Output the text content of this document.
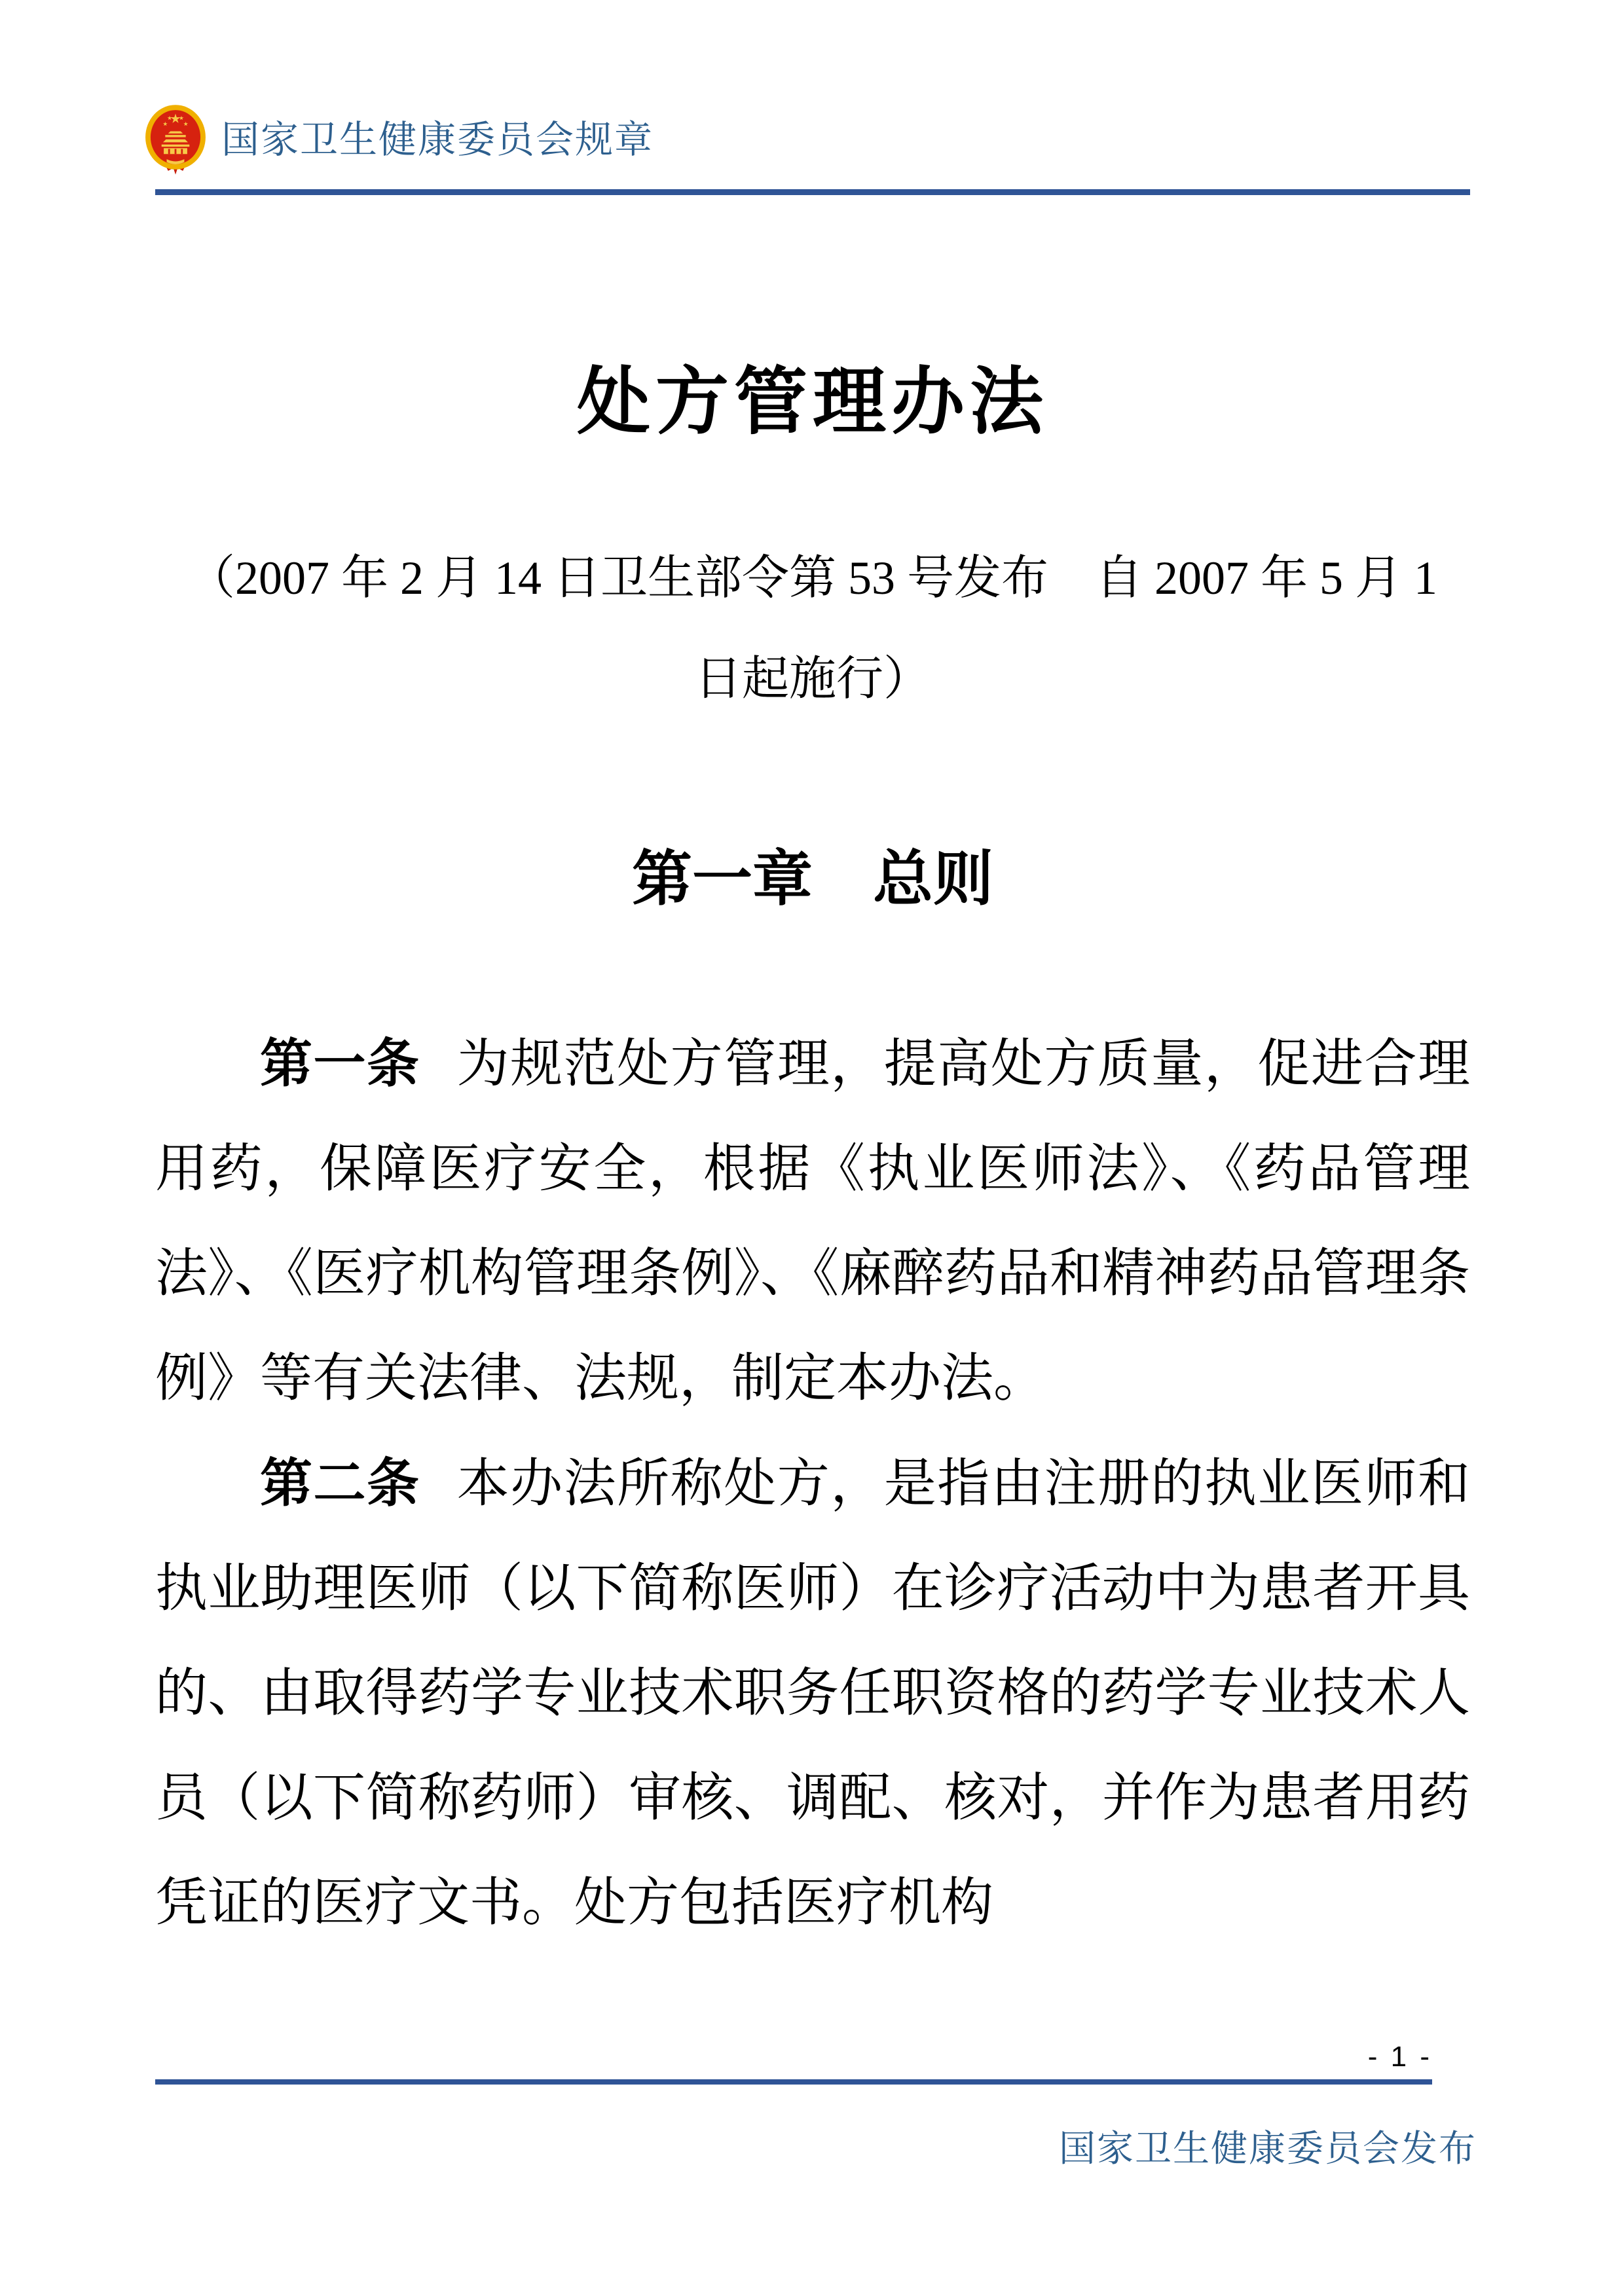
国家卫生健康委员会规章
处方管理办法
（2007 年 2 月 14 日卫生部令第 53 号发布　自 2007 年 5 月 1
日起施行）
第一章　总则

第一条 为规范处方管理，提高处方质量，促进合理用药，保障医疗安全，根据《执业医师法》、《药品管理法》、《医疗机构管理条例》、《麻醉药品和精神药品管理条例》等有关法律、法规，制定本办法。

第二条 本办法所称处方，是指由注册的执业医师和执业助理医师（以下简称医师）在诊疗活动中为患者开具的、由取得药学专业技术职务任职资格的药学专业技术人员（以下简称药师）审核、调配、核对，并作为患者用药凭证的医疗文书。处方包括医疗机构

- 1 -
国家卫生健康委员会发布
